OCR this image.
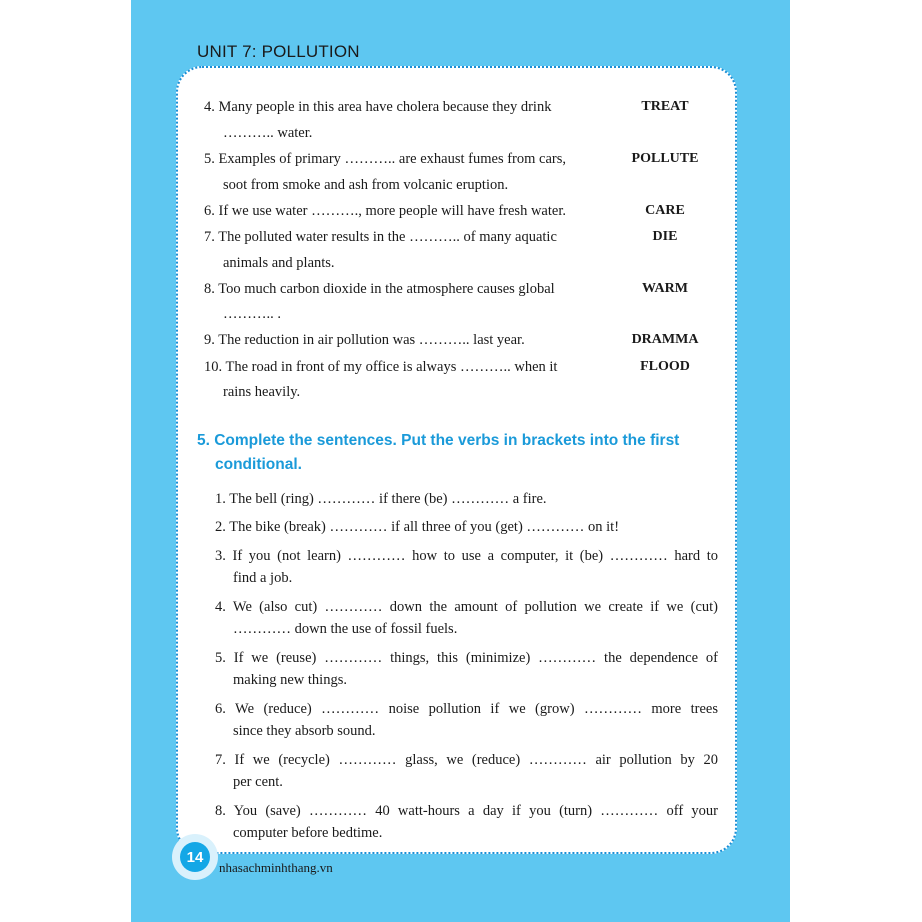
UNIT 7: POLLUTION
4. Many people in this area have cholera because they drink
……….. water.
TREAT
5. Examples of primary ……….. are exhaust fumes from cars,
soot from smoke and ash from volcanic eruption.
POLLUTE
6. If we use water ………., more people will have fresh water.	CARE
7. The polluted water results in the ……….. of many aquatic
animals and plants.
DIE
8. Too much carbon dioxide in the atmosphere causes global
……….. .
WARM
9. The reduction in air pollution was ……….. last year.	DRAMMA
10. The road in front of my office is always ……….. when it
rains heavily.
FLOOD
5. Complete the sentences. Put the verbs in brackets into the first
conditional.
1. The bell (ring) ………… if there (be) ………… a fire.
2. The bike (break) ………… if all three of you (get) ………… on it!
3. If you (not learn) ………… how to use a computer, it (be) ………… hard to
find a job.
4. We (also cut) ………… down the amount of pollution we create if we (cut)
………… down the use of fossil fuels.
5. If we (reuse) ………… things, this (minimize) ………… the dependence of
making new things.
6. We (reduce) ………… noise pollution if we (grow) ………… more trees
since they absorb sound.
7. If we (recycle) ………… glass, we (reduce) ………… air pollution by 20
per cent.
8. You (save) ………… 40 watt-hours a day if you (turn) ………… off your
computer before bedtime.
14
nhasachminhthang.vn
